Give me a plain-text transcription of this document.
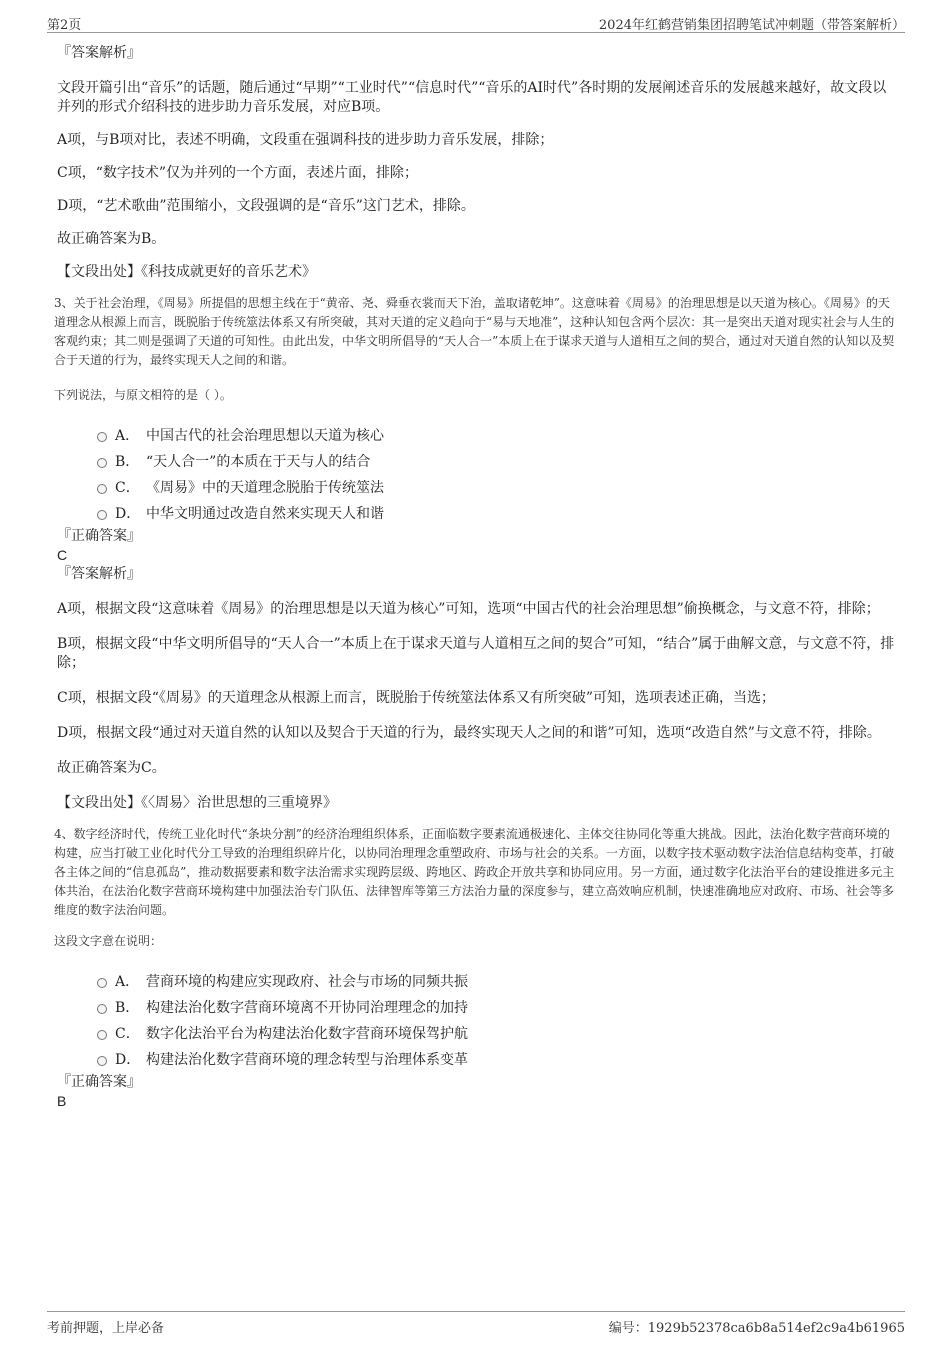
第2页	2024年红鹤营销集团招聘笔试冲刺题（带答案解析）

『答案解析』

文段开篇引出“音乐”的话题，随后通过“早期”“工业时代”“信息时代”“音乐的AI时代”各时期的发展阐述音乐的发展越来越好，故文段以并列的形式介绍科技的进步助力音乐发展，对应B项。

A项，与B项对比，表述不明确，文段重在强调科技的进步助力音乐发展，排除；

C项，“数字技术”仅为并列的一个方面，表述片面，排除；

D项，“艺术歌曲”范围缩小，文段强调的是“音乐”这门艺术，排除。

故正确答案为B。

【文段出处】《科技成就更好的音乐艺术》

3、关于社会治理，《周易》所提倡的思想主线在于“黄帝、尧、舜垂衣裳而天下治，盖取诸乾坤”。这意味着《周易》的治理思想是以天道为核心。《周易》的天道理念从根源上而言，既脱胎于传统筮法体系又有所突破，其对天道的定义趋向于“易与天地准”，这种认知包含两个层次：其一是突出天道对现实社会与人生的客观约束；其二则是强调了天道的可知性。由此出发，中华文明所倡导的“天人合一”本质上在于谋求天道与人道相互之间的契合，通过对天道自然的认知以及契合于天道的行为，最终实现天人之间的和谐。

下列说法，与原文相符的是（ ）。

A． 中国古代的社会治理思想以天道为核心
B． “天人合一”的本质在于天与人的结合
C． 《周易》中的天道理念脱胎于传统筮法
D． 中华文明通过改造自然来实现天人和谐

『正确答案』

C

『答案解析』

A项，根据文段“这意味着《周易》的治理思想是以天道为核心”可知，选项“中国古代的社会治理思想”偷换概念，与文意不符，排除；

B项，根据文段“中华文明所倡导的“天人合一”本质上在于谋求天道与人道相互之间的契合”可知，“结合”属于曲解文意，与文意不符，排除；

C项，根据文段“《周易》的天道理念从根源上而言，既脱胎于传统筮法体系又有所突破”可知，选项表述正确，当选；

D项，根据文段“通过对天道自然的认知以及契合于天道的行为，最终实现天人之间的和谐”可知，选项“改造自然”与文意不符，排除。

故正确答案为C。

【文段出处】《〈周易〉治世思想的三重境界》

4、数字经济时代，传统工业化时代“条块分割”的经济治理组织体系，正面临数字要素流通极速化、主体交往协同化等重大挑战。因此，法治化数字营商环境的构建，应当打破工业化时代分工导致的治理组织碎片化，以协同治理理念重塑政府、市场与社会的关系。一方面，以数字技术驱动数字法治信息结构变革，打破各主体之间的“信息孤岛”，推动数据要素和数字法治需求实现跨层级、跨地区、跨政企开放共享和协同应用。另一方面，通过数字化法治平台的建设推进多元主体共治，在法治化数字营商环境构建中加强法治专门队伍、法律智库等第三方法治力量的深度参与，建立高效响应机制，快速准确地应对政府、市场、社会等多维度的数字法治问题。

这段文字意在说明：

A． 营商环境的构建应实现政府、社会与市场的同频共振
B． 构建法治化数字营商环境离不开协同治理理念的加持
C． 数字化法治平台为构建法治化数字营商环境保驾护航
D． 构建法治化数字营商环境的理念转型与治理体系变革

『正确答案』

B

考前押题，上岸必备	编号：1929b52378ca6b8a514ef2c9a4b61965
